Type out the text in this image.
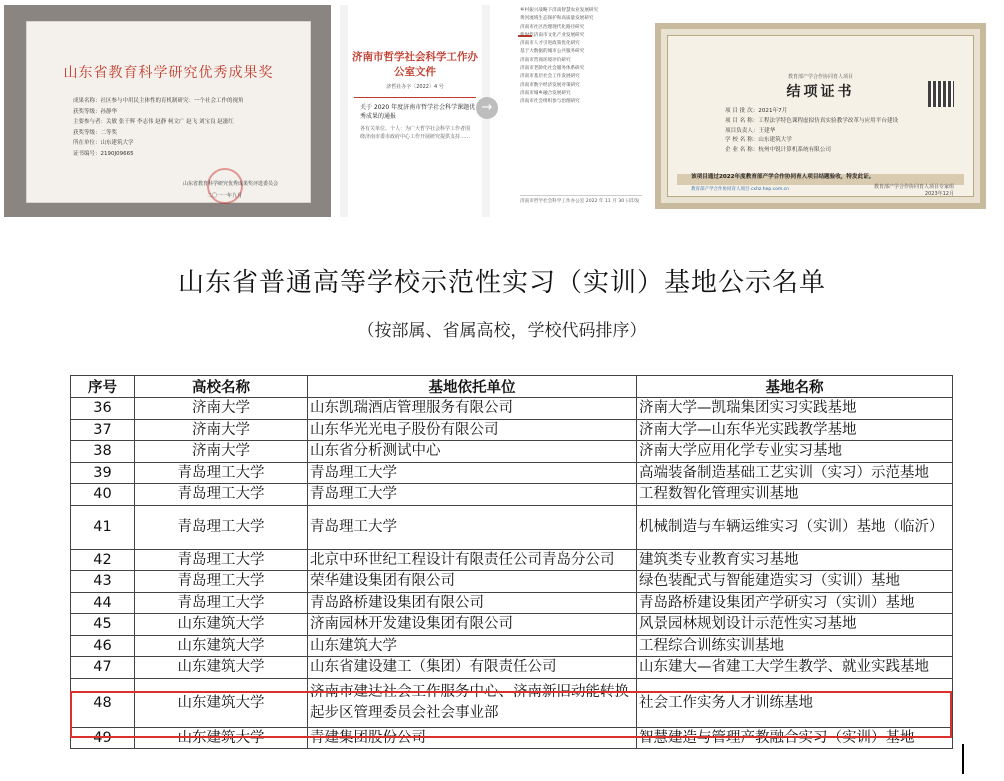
山东省教育科学研究优秀成果奖
成果名称：社区参与中用民主体性的育机制研究：一个社会工作的视角
获奖等级：孙静华
主要参与者：关敏 张千辉 李志伟 赵静 柯文广 赵飞 刘宝良 赵滋红
获奖等级：二等奖
所在单位：山东建筑大学
证书编号：2190J09665
山东省教育科学研究优秀成果奖评选委员会
二〇一一年九月
济南市哲学社会科学工作办公室文件
济哲社办字〔2022〕4 号
关于 2020 年度济南市哲学社会科学课题优秀成果的通报
各有关单位、个人：为广大哲学社会科学工作者围绕济南市委市政府中心工作开展研究提供支持……
→
乡村振兴战略下济南智慧农业发展研究
黄河流域生态保护和高质量发展研究
济南市社区治理现代化路径研究
新时代济南市文化产业发展研究
济南市人才引进政策优化研究
基于大数据的城市公共服务研究
济南市营商环境评价研究
济南市老龄化社会服务体系研究
济南市基层社会工作发展研究
济南市数字经济发展对策研究
济南市城乡融合发展研究
济南市社会组织参与治理研究
济南市哲学社会科学工作办公室 2022 年 11 月 30 日印发
教育部产学合作协同育人项目
结项证书
项 目 批 次：2021年7月
项 目 名 称：工程法学特色课程虚拟仿真实验教学改革与应用平台建设
项目负责人：王建华
学 校 名 称：山东建筑大学
企 业 名 称：杭州中锐计算机系统有限公司
该项目通过2022年度教育部产学合作协同育人项目结题验收，特发此证。
教育部产学合作协同育人项目 cxhz.hep.com.cn	教育部产学合作协同育人项目专家组
2023年12月
山东省普通高等学校示范性实习（实训）基地公示名单
（按部属、省属高校，学校代码排序）
序号	高校名称	基地依托单位	基地名称
36	济南大学	山东凯瑞酒店管理服务有限公司	济南大学—凯瑞集团实习实践基地
37	济南大学	山东华光光电子股份有限公司	济南大学—山东华光实践教学基地
38	济南大学	山东省分析测试中心	济南大学应用化学专业实习基地
39	青岛理工大学	青岛理工大学	高端装备制造基础工艺实训（实习）示范基地
40	青岛理工大学	青岛理工大学	工程数智化管理实训基地
41	青岛理工大学	青岛理工大学	机械制造与车辆运维实习（实训）基地（临沂）
42	青岛理工大学	北京中环世纪工程设计有限责任公司青岛分公司	建筑类专业教育实习基地
43	青岛理工大学	荣华建设集团有限公司	绿色装配式与智能建造实习（实训）基地
44	青岛理工大学	青岛路桥建设集团有限公司	青岛路桥建设集团产学研实习（实训）基地
45	山东建筑大学	济南园林开发建设集团有限公司	风景园林规划设计示范性实习基地
46	山东建筑大学	山东建筑大学	工程综合训练实训基地
47	山东建筑大学	山东省建设建工（集团）有限责任公司	山东建大—省建工大学生教学、就业实践基地
48	山东建筑大学	济南市建达社会工作服务中心、济南新旧动能转换起步区管理委员会社会事业部	社会工作实务人才训练基地
49	山东建筑大学	青建集团股份公司	智慧建造与管理产教融合实习（实训）基地
